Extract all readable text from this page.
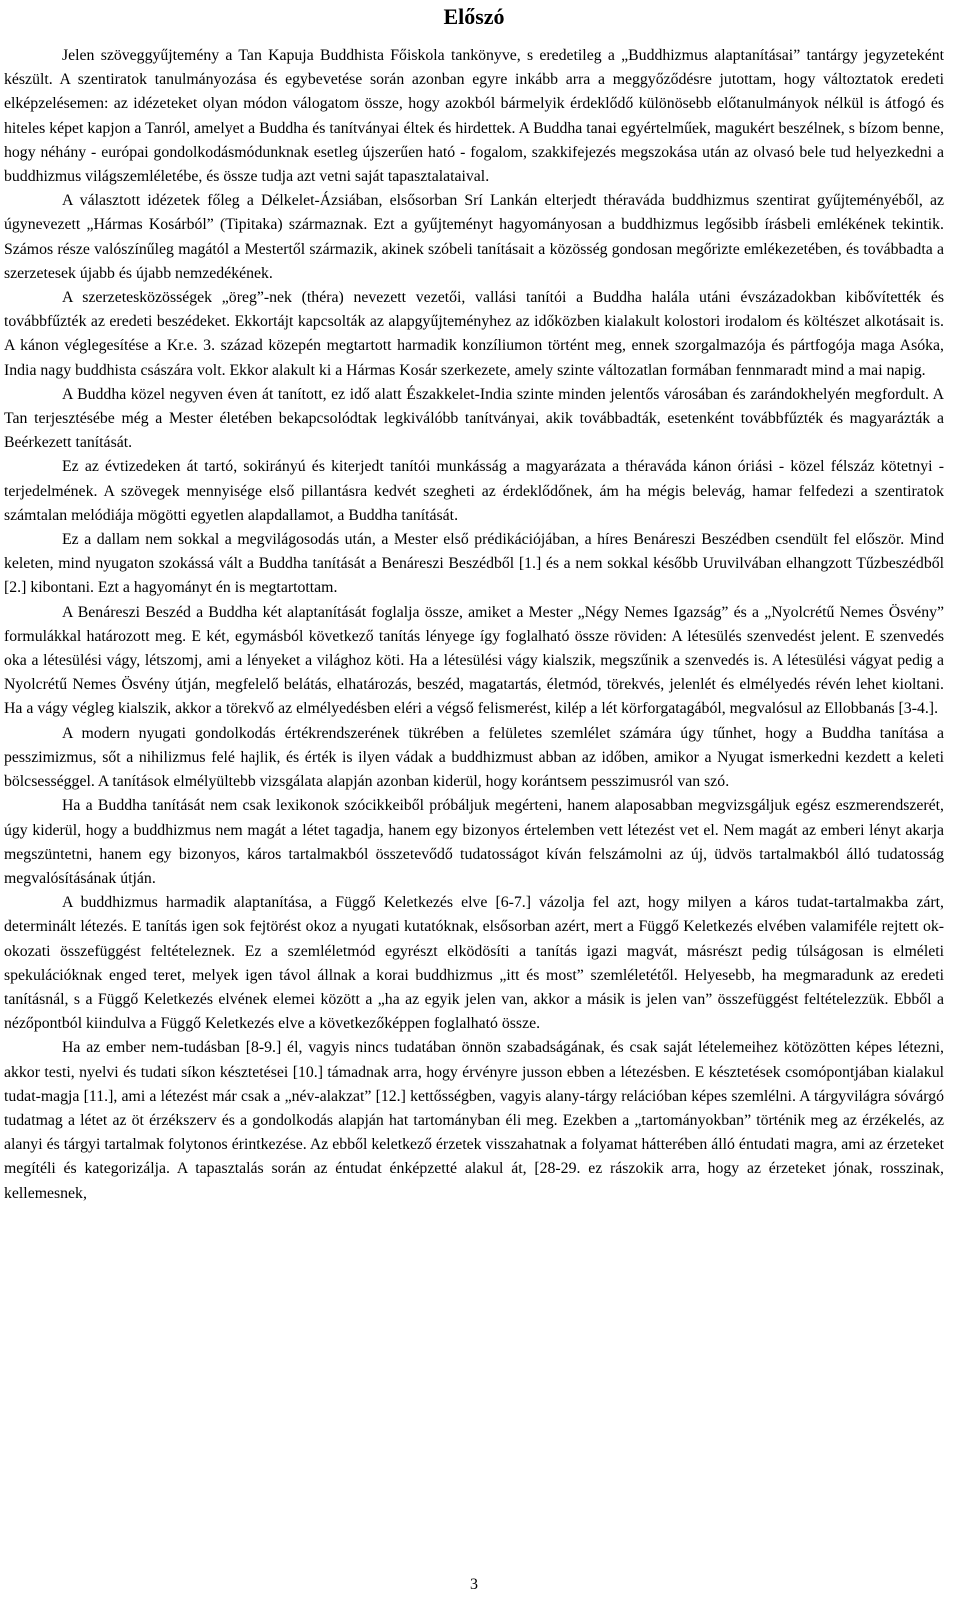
Előszó

Jelen szöveggyűjtemény a Tan Kapuja Buddhista Főiskola tankönyve, s eredetileg a „Buddhizmus alaptanításai” tantárgy jegyzeteként készült. A szentiratok tanulmányozása és egybevetése során azonban egyre inkább arra a meggyőződésre jutottam, hogy változtatok eredeti elképzelésemen: az idézeteket olyan módon válogatom össze, hogy azokból bármelyik érdeklődő különösebb előtanulmányok nélkül is átfogó és hiteles képet kapjon a Tanról, amelyet a Buddha és tanítványai éltek és hirdettek. A Buddha tanai egyértelműek, magukért beszélnek, s bízom benne, hogy néhány - európai gondolkodásmódunknak esetleg újszerűen ható - fogalom, szakkifejezés megszokása után az olvasó bele tud helyezkedni a buddhizmus világszemléletébe, és össze tudja azt vetni saját tapasztalataival.

A választott idézetek főleg a Délkelet-Ázsiában, elsősorban Srí Lankán elterjedt théraváda buddhizmus szentirat gyűjteményéből, az úgynevezett „Hármas Kosárból” (Tipitaka) származnak. Ezt a gyűjteményt hagyományosan a buddhizmus legősibb írásbeli emlékének tekintik. Számos része valószínűleg magától a Mestertől származik, akinek szóbeli tanításait a közösség gondosan megőrizte emlékezetében, és továbbadta a szerzetesek újabb és újabb nemzedékének.

A szerzetesközösségek „öreg”-nek (théra) nevezett vezetői, vallási tanítói a Buddha halála utáni évszázadokban kibővítették és továbbfűzték az eredeti beszédeket. Ekkortájt kapcsolták az alapgyűjteményhez az időközben kialakult kolostori irodalom és költészet alkotásait is. A kánon véglegesítése a Kr.e. 3. század közepén megtartott harmadik konzíliumon történt meg, ennek szorgalmazója és pártfogója maga Asóka, India nagy buddhista császára volt. Ekkor alakult ki a Hármas Kosár szerkezete, amely szinte változatlan formában fennmaradt mind a mai napig.

A Buddha közel negyven éven át tanított, ez idő alatt Északkelet-India szinte minden jelentős városában és zarándokhelyén megfordult. A Tan terjesztésébe még a Mester életében bekapcsolódtak legkiválóbb tanítványai, akik továbbadták, esetenként továbbfűzték és magyarázták a Beérkezett tanítását.

Ez az évtizedeken át tartó, sokirányú és kiterjedt tanítói munkásság a magyarázata a théraváda kánon óriási - közel félszáz kötetnyi - terjedelmének. A szövegek mennyisége első pillantásra kedvét szegheti az érdeklődőnek, ám ha mégis belevág, hamar felfedezi a szentiratok számtalan melódiája mögötti egyetlen alapdallamot, a Buddha tanítását.

Ez a dallam nem sokkal a megvilágosodás után, a Mester első prédikációjában, a híres Benáreszi Beszédben csendült fel először. Mind keleten, mind nyugaton szokássá vált a Buddha tanítását a Benáreszi Beszédből [1.] és a nem sokkal később Uruvilvában elhangzott Tűzbeszédből [2.] kibontani. Ezt a hagyományt én is megtartottam.

A Benáreszi Beszéd a Buddha két alaptanítását foglalja össze, amiket a Mester „Négy Nemes Igazság” és a „Nyolcrétű Nemes Ösvény” formulákkal határozott meg. E két, egymásból következő tanítás lényege így foglalható össze röviden: A létesülés szenvedést jelent. E szenvedés oka a létesülési vágy, létszomj, ami a lényeket a világhoz köti. Ha a létesülési vágy kialszik, megszűnik a szenvedés is. A létesülési vágyat pedig a Nyolcrétű Nemes Ösvény útján, megfelelő belátás, elhatározás, beszéd, magatartás, életmód, törekvés, jelenlét és elmélyedés révén lehet kioltani. Ha a vágy végleg kialszik, akkor a törekvő az elmélyedésben eléri a végső felismerést, kilép a lét körforgatagából, megvalósul az Ellobbanás [3-4.].

A modern nyugati gondolkodás értékrendszerének tükrében a felületes szemlélet számára úgy tűnhet, hogy a Buddha tanítása a pesszimizmus, sőt a nihilizmus felé hajlik, és érték is ilyen vádak a buddhizmust abban az időben, amikor a Nyugat ismerkedni kezdett a keleti bölcsességgel. A tanítások elmélyültebb vizsgálata alapján azonban kiderül, hogy korántsem pesszimusról van szó.

Ha a Buddha tanítását nem csak lexikonok szócikkeiből próbáljuk megérteni, hanem alaposabban megvizsgáljuk egész eszmerendszerét, úgy kiderül, hogy a buddhizmus nem magát a létet tagadja, hanem egy bizonyos értelemben vett létezést vet el. Nem magát az emberi lényt akarja megszüntetni, hanem egy bizonyos, káros tartalmakból összetevődő tudatosságot kíván felszámolni az új, üdvös tartalmakból álló tudatosság megvalósításának útján.

A buddhizmus harmadik alaptanítása, a Függő Keletkezés elve [6-7.] vázolja fel azt, hogy milyen a káros tudat-tartalmakba zárt, determinált létezés. E tanítás igen sok fejtörést okoz a nyugati kutatóknak, elsősorban azért, mert a Függő Keletkezés elvében valamiféle rejtett ok-okozati összefüggést feltételeznek. Ez a szemléletmód egyrészt elködösíti a tanítás igazi magvát, másrészt pedig túlságosan is elméleti spekulációknak enged teret, melyek igen távol állnak a korai buddhizmus „itt és most” szemléletétől. Helyesebb, ha megmaradunk az eredeti tanításnál, s a Függő Keletkezés elvének elemei között a „ha az egyik jelen van, akkor a másik is jelen van” összefüggést feltételezzük. Ebből a nézőpontból kiindulva a Függő Keletkezés elve a következőképpen foglalható össze.

Ha az ember nem-tudásban [8-9.] él, vagyis nincs tudatában önnön szabadságának, és csak saját lételemeihez kötözötten képes létezni, akkor testi, nyelvi és tudati síkon késztetései [10.] támadnak arra, hogy érvényre jusson ebben a létezésben. E késztetések csomópontjában kialakul tudat-magja [11.], ami a létezést már csak a „név-alakzat” [12.] kettősségben, vagyis alany-tárgy relációban képes szemlélni. A tárgyvilágra sóvárgó tudatmag a létet az öt érzékszerv és a gondolkodás alapján hat tartományban éli meg. Ezekben a „tartományokban” történik meg az érzékelés, az alanyi és tárgyi tartalmak folytonos érintkezése. Az ebből keletkező érzetek visszahatnak a folyamat hátterében álló éntudati magra, ami az érzeteket megítéli és kategorizálja. A tapasztalás során az éntudat énképzetté alakul át, [28-29. ez rászokik arra, hogy az érzeteket jónak, rosszinak, kellemesnek,

3
